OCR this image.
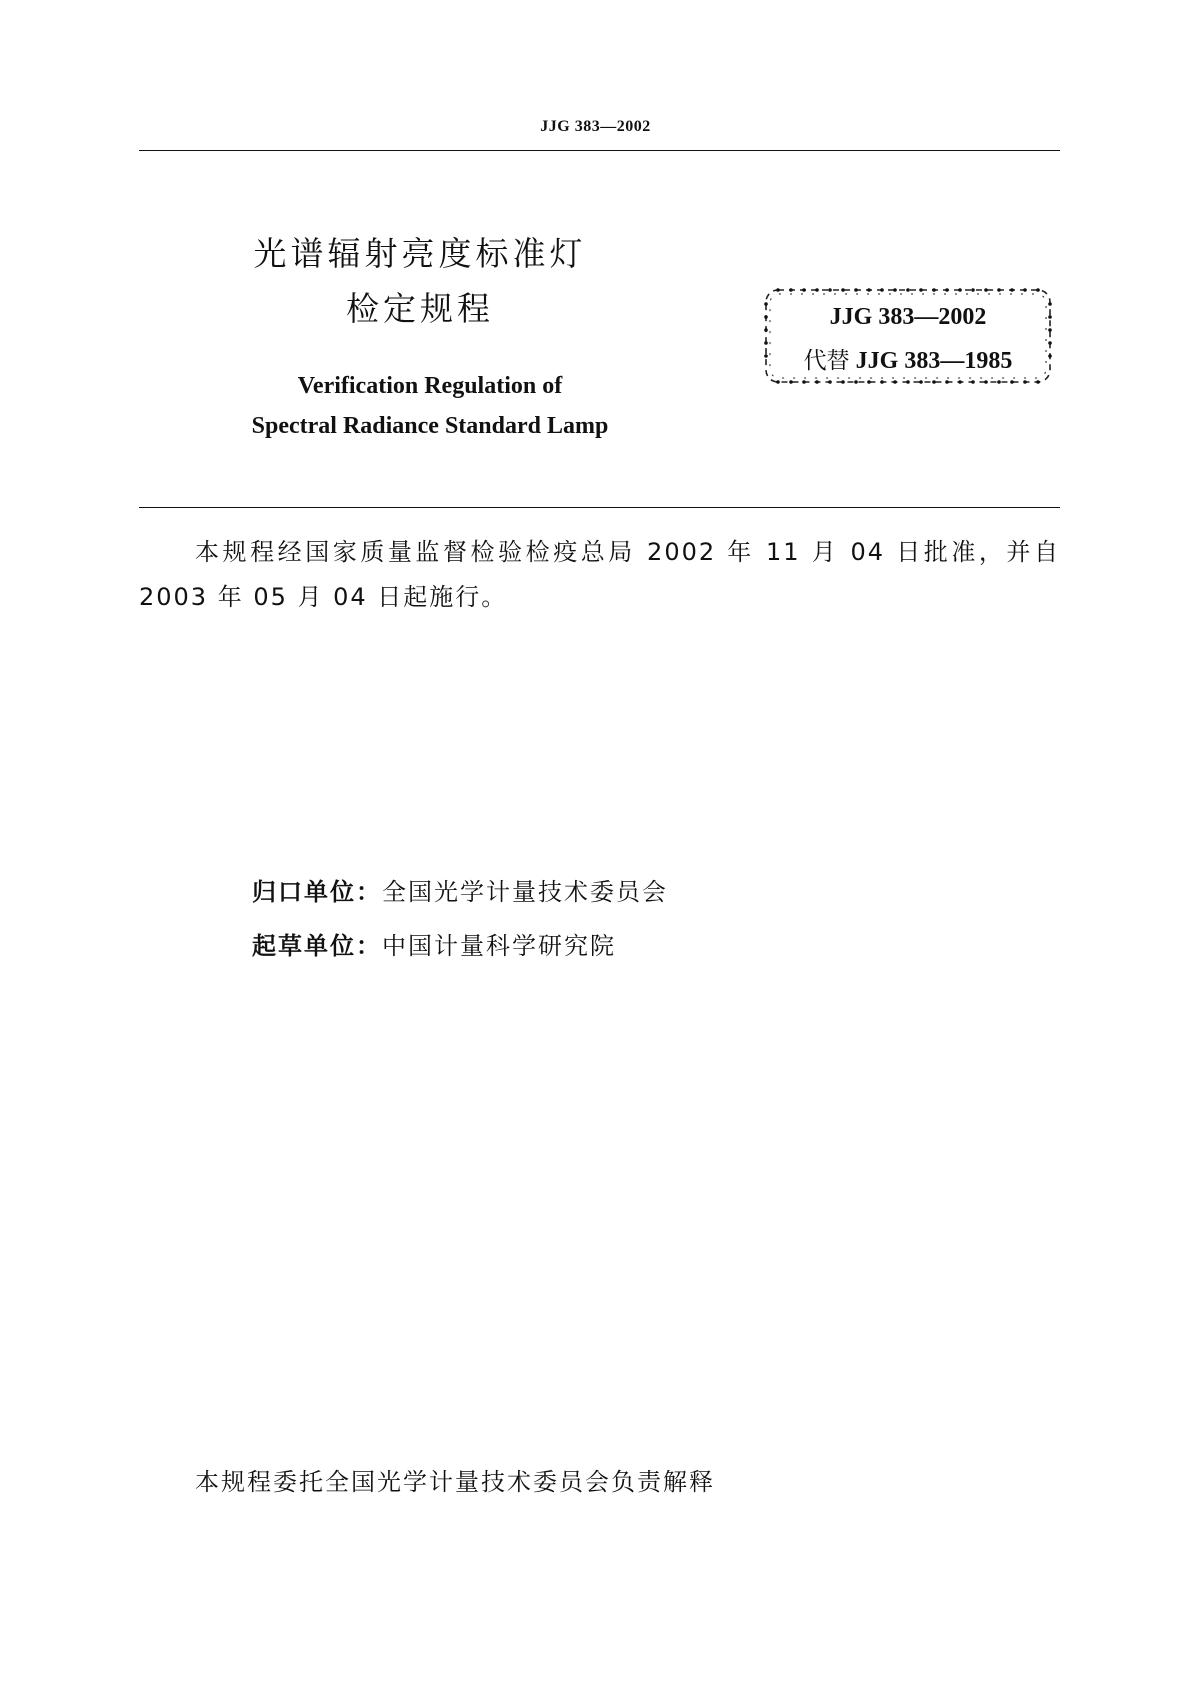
JJG 383—2002
光谱辐射亮度标准灯
检定规程
Verification Regulation of
Spectral Radiance Standard Lamp
JJG 383—2002
代替 JJG 383—1985
本规程经国家质量监督检验检疫总局 2002 年 11 月 04 日批准，并自 2003 年 05 月 04 日起施行。
归口单位：全国光学计量技术委员会
起草单位：中国计量科学研究院
本规程委托全国光学计量技术委员会负责解释
